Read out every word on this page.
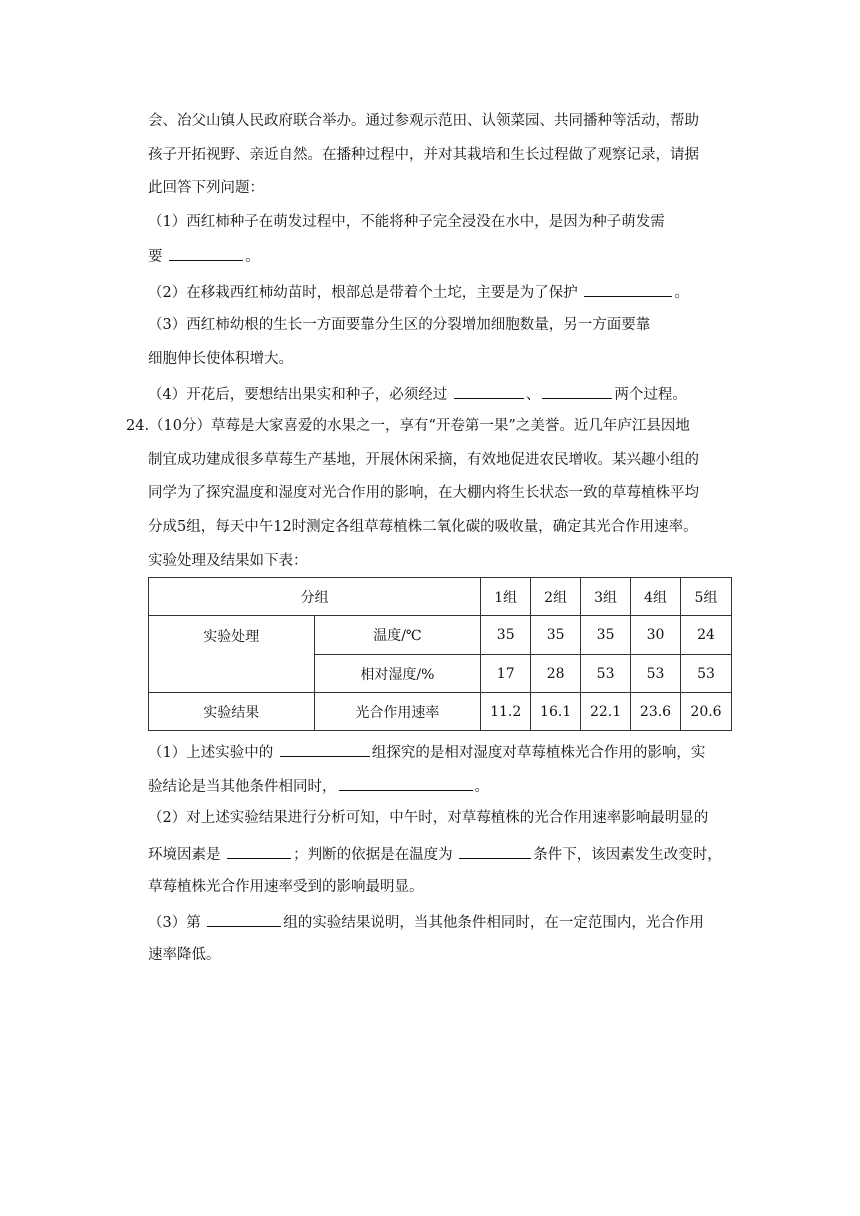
会、冶父山镇人民政府联合举办。通过参观示范田、认领菜园、共同播种等活动，帮助
孩子开拓视野、亲近自然。在播种过程中，并对其栽培和生长过程做了观察记录，请据
此回答下列问题：
（1）西红柿种子在萌发过程中，不能将种子完全浸没在水中，是因为种子萌发需
要	。
（2）在移栽西红柿幼苗时，根部总是带着个土坨，主要是为了保护	。
（3）西红柿幼根的生长一方面要靠分生区的分裂增加细胞数量，另一方面要靠
细胞伸长使体积增大。
（4）开花后，要想结出果实和种子，必须经过	、	两个过程。
24.（10分）草莓是大家喜爱的水果之一，享有“开卷第一果”之美誉。近几年庐江县因地
制宜成功建成很多草莓生产基地，开展休闲采摘，有效地促进农民增收。某兴趣小组的
同学为了探究温度和湿度对光合作用的影响，在大棚内将生长状态一致的草莓植株平均
分成5组，每天中午12时测定各组草莓植株二氧化碳的吸收量，确定其光合作用速率。
实验处理及结果如下表：
分组		1组	2组	3组	4组	5组
实验处理	温度/℃	35	35	35	30	24
	相对湿度/%	17	28	53	53	53
实验结果	光合作用速率	11.2	16.1	22.1	23.6	20.6
（1）上述实验中的	组探究的是相对湿度对草莓植株光合作用的影响，实
验结论是当其他条件相同时，	。
（2）对上述实验结果进行分析可知，中午时，对草莓植株的光合作用速率影响最明显的
环境因素是	；判断的依据是在温度为	条件下，该因素发生改变时，
草莓植株光合作用速率受到的影响最明显。
（3）第	组的实验结果说明，当其他条件相同时，在一定范围内，光合作用
速率降低。
